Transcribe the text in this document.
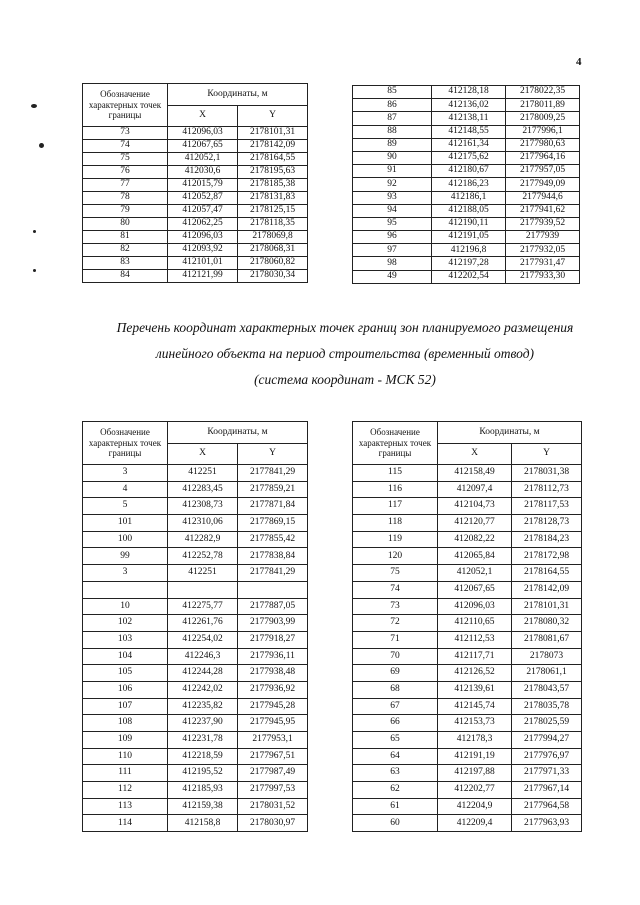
4
Обозначение характерных точек границы	Координаты, м	
	X	Y
73	412096,03	2178101,31
74	412067,65	2178142,09
75	412052,1	2178164,55
76	412030,6	2178195,63
77	412015,79	2178185,38
78	412052,87	2178131,83
79	412057,47	2178125,15
80	412062,25	2178118,35
81	412096,03	2178069,8
82	412093,92	2178068,31
83	412101,01	2178060,82
84	412121,99	2178030,34
85	412128,18	2178022,35
86	412136,02	2178011,89
87	412138,11	2178009,25
88	412148,55	2177996,1
89	412161,34	2177980,63
90	412175,62	2177964,16
91	412180,67	2177957,05
92	412186,23	2177949,09
93	412186,1	2177944,6
94	412188,05	2177941,62
95	412190,11	2177939,52
96	412191,05	2177939
97	412196,8	2177932,05
98	412197,28	2177931,47
49	412202,54	2177933,30
Перечень координат характерных точек границ зон планируемого размещения
линейного объекта на период строительства (временный отвод)
(система координат - МСК 52)
Обозначение характерных точек границы	Координаты, м	
	X	Y
3	412251	2177841,29
4	412283,45	2177859,21
5	412308,73	2177871,84
101	412310,06	2177869,15
100	412282,9	2177855,42
99	412252,78	2177838,84
3	412251	2177841,29

10	412275,77	2177887,05
102	412261,76	2177903,99
103	412254,02	2177918,27
104	412246,3	2177936,11
105	412244,28	2177938,48
106	412242,02	2177936,92
107	412235,82	2177945,28
108	412237,90	2177945,95
109	412231,78	2177953,1
110	412218,59	2177967,51
111	412195,52	2177987,49
112	412185,93	2177997,53
113	412159,38	2178031,52
114	412158,8	2178030,97
Обозначение характерных точек границы	Координаты, м	
	X	Y
115	412158,49	2178031,38
116	412097,4	2178112,73
117	412104,73	2178117,53
118	412120,77	2178128,73
119	412082,22	2178184,23
120	412065,84	2178172,98
75	412052,1	2178164,55
74	412067,65	2178142,09
73	412096,03	2178101,31
72	412110,65	2178080,32
71	412112,53	2178081,67
70	412117,71	2178073
69	412126,52	2178061,1
68	412139,61	2178043,57
67	412145,74	2178035,78
66	412153,73	2178025,59
65	412178,3	2177994,27
64	412191,19	2177976,97
63	412197,88	2177971,33
62	412202,77	2177967,14
61	412204,9	2177964,58
60	412209,4	2177963,93
